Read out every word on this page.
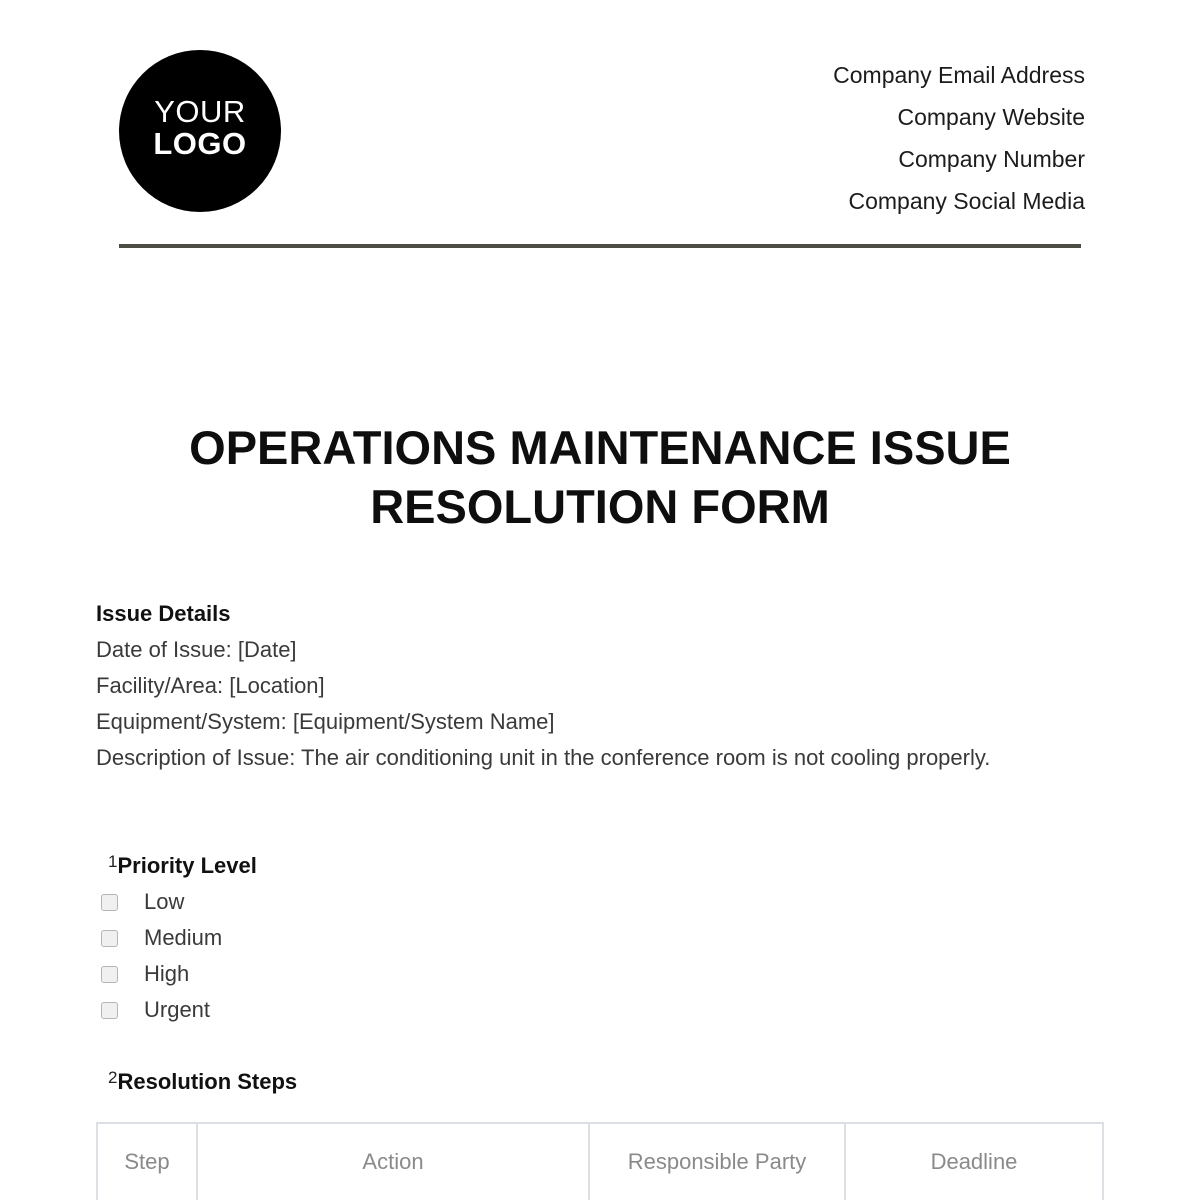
YOUR
LOGO
Company Email Address
Company Website
Company Number
Company Social Media
OPERATIONS MAINTENANCE ISSUE
RESOLUTION FORM
Issue Details
Date of Issue: [Date]
Facility/Area: [Location]
Equipment/System: [Equipment/System Name]
Description of Issue: The air conditioning unit in the conference room is not cooling properly.
$^1$Priority Level
Low
Medium
High
Urgent
$^2$Resolution Steps
Step	Action	Responsible Party	Deadline
